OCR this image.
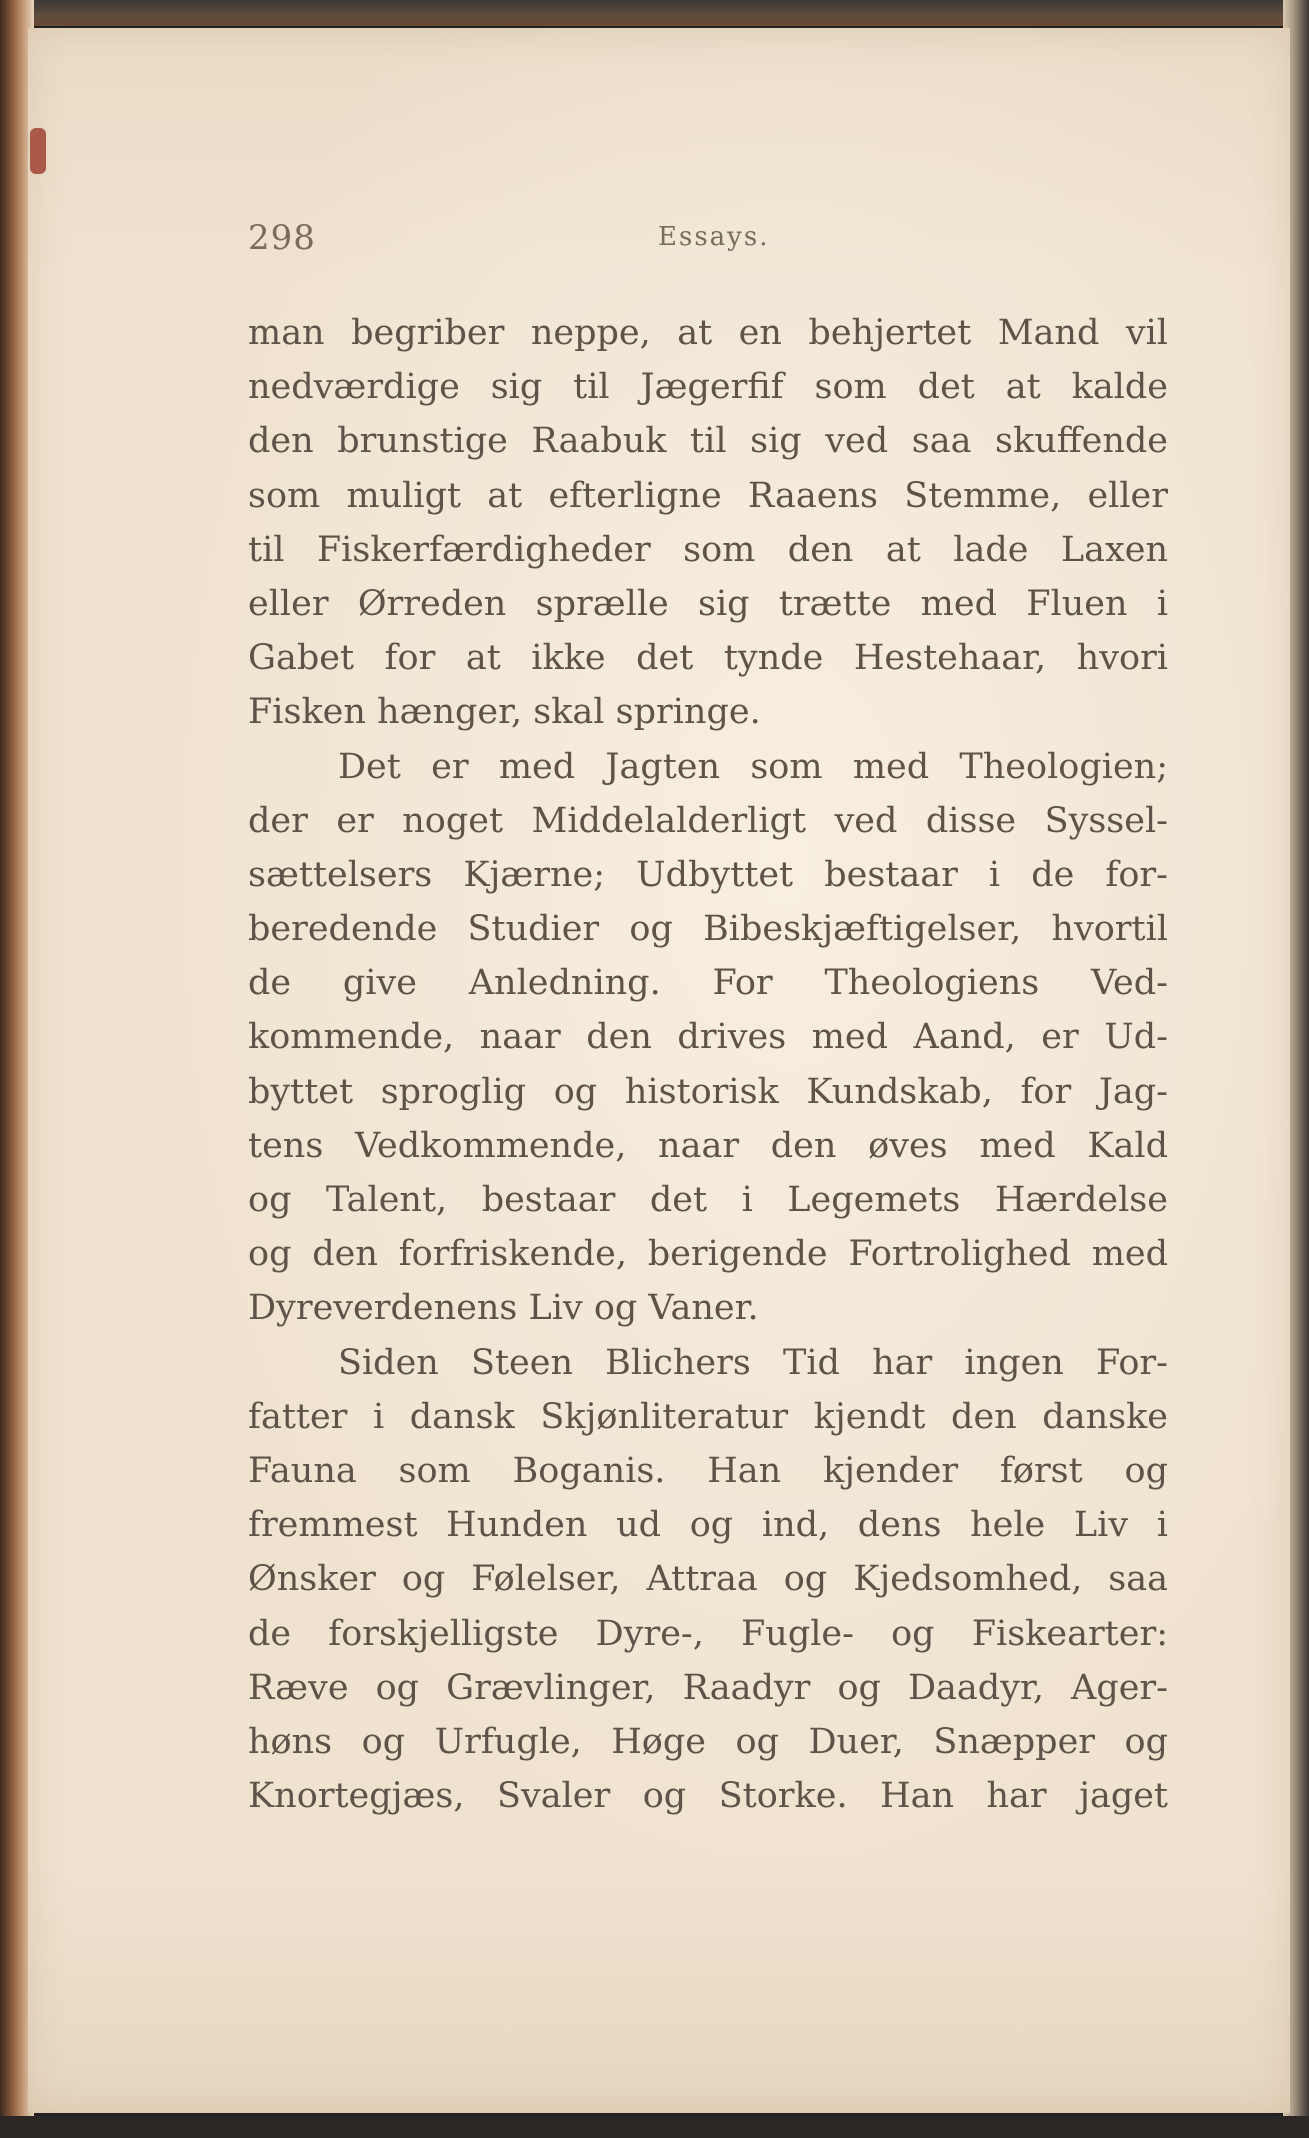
298	Essays.
man begriber neppe, at en behjertet Mand vil
nedværdige sig til Jægerfif som det at kalde
den brunstige Raabuk til sig ved saa skuffende
som muligt at efterligne Raaens Stemme, eller
til Fiskerfærdigheder som den at lade Laxen
eller Ørreden sprælle sig trætte med Fluen i
Gabet for at ikke det tynde Hestehaar, hvori
Fisken hænger, skal springe.
Det er med Jagten som med Theologien;
der er noget Middelalderligt ved disse Syssel-
sættelsers Kjærne; Udbyttet bestaar i de for-
beredende Studier og Bibeskjæftigelser, hvortil
de give Anledning. For Theologiens Ved-
kommende, naar den drives med Aand, er Ud-
byttet sproglig og historisk Kundskab, for Jag-
tens Vedkommende, naar den øves med Kald
og Talent, bestaar det i Legemets Hærdelse
og den forfriskende, berigende Fortrolighed med
Dyreverdenens Liv og Vaner.
Siden Steen Blichers Tid har ingen For-
fatter i dansk Skjønliteratur kjendt den danske
Fauna som Boganis. Han kjender først og
fremmest Hunden ud og ind, dens hele Liv i
Ønsker og Følelser, Attraa og Kjedsomhed, saa
de forskjelligste Dyre-, Fugle- og Fiskearter:
Ræve og Grævlinger, Raadyr og Daadyr, Ager-
høns og Urfugle, Høge og Duer, Snæpper og
Knortegjæs, Svaler og Storke. Han har jaget
